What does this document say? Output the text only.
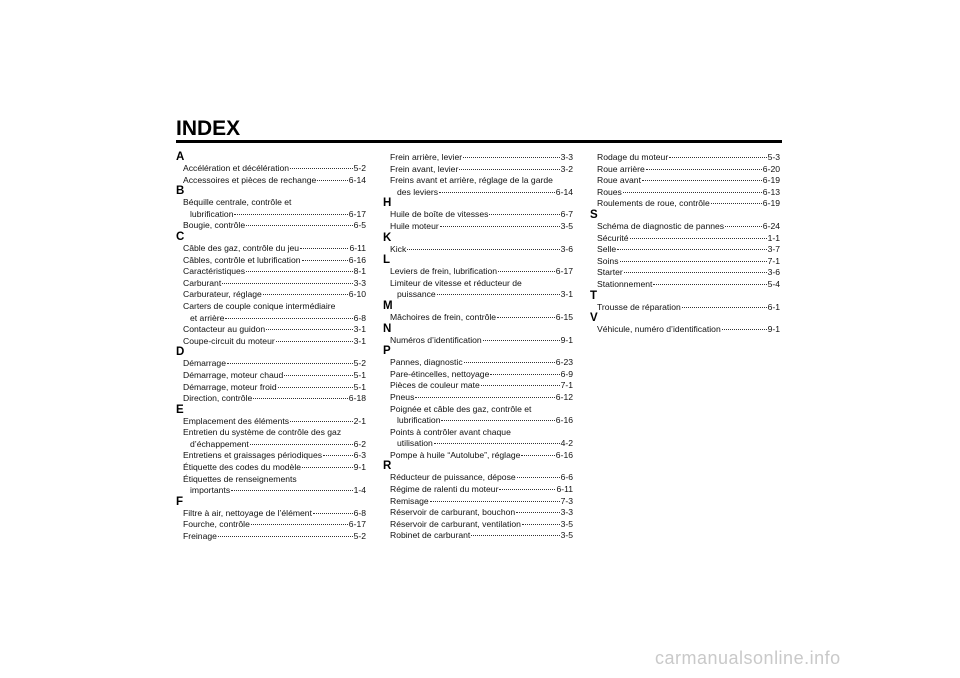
INDEX
A
Accélération et décélération	5-2
Accessoires et pièces de rechange	6-14
B
Béquille centrale, contrôle et
lubrification	6-17
Bougie, contrôle	6-5
C
Câble des gaz, contrôle du jeu	6-11
Câbles, contrôle et lubrification	6-16
Caractéristiques	8-1
Carburant	3-3
Carburateur, réglage	6-10
Carters de couple conique intermédiaire
et arrière	6-8
Contacteur au guidon	3-1
Coupe-circuit du moteur	3-1
D
Démarrage	5-2
Démarrage, moteur chaud	5-1
Démarrage, moteur froid	5-1
Direction, contrôle	6-18
E
Emplacement des éléments	2-1
Entretien du système de contrôle des gaz
d’échappement	6-2
Entretiens et graissages périodiques	6-3
Étiquette des codes du modèle	9-1
Étiquettes de renseignements
importants	1-4
F
Filtre à air, nettoyage de l’élément	6-8
Fourche, contrôle	6-17
Freinage	5-2
Frein arrière, levier	3-3
Frein avant, levier	3-2
Freins avant et arrière, réglage de la garde
des leviers	6-14
H
Huile de boîte de vitesses	6-7
Huile moteur	3-5
K
Kick	3-6
L
Leviers de frein, lubrification	6-17
Limiteur de vitesse et réducteur de
puissance	3-1
M
Mâchoires de frein, contrôle	6-15
N
Numéros d’identification	9-1
P
Pannes, diagnostic	6-23
Pare-étincelles, nettoyage	6-9
Pièces de couleur mate	7-1
Pneus	6-12
Poignée et câble des gaz, contrôle et
lubrification	6-16
Points à contrôler avant chaque
utilisation	4-2
Pompe à huile “Autolube”, réglage	6-16
R
Réducteur de puissance, dépose	6-6
Régime de ralenti du moteur	6-11
Remisage	7-3
Réservoir de carburant, bouchon	3-3
Réservoir de carburant, ventilation	3-5
Robinet de carburant	3-5
Rodage du moteur	5-3
Roue arrière	6-20
Roue avant	6-19
Roues	6-13
Roulements de roue, contrôle	6-19
S
Schéma de diagnostic de pannes	6-24
Sécurité	1-1
Selle	3-7
Soins	7-1
Starter	3-6
Stationnement	5-4
T
Trousse de réparation	6-1
V
Véhicule, numéro d’identification	9-1
carmanualsonline.info
